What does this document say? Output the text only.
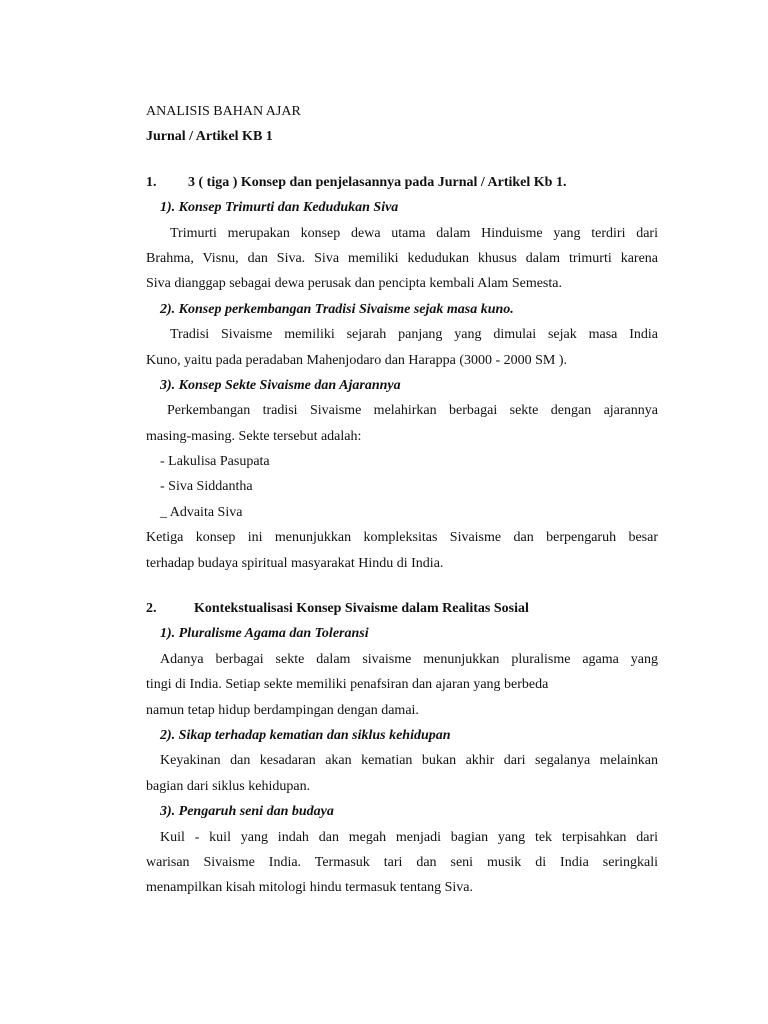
ANALISIS BAHAN AJAR
Jurnal / Artikel KB 1
1. 3 ( tiga ) Konsep dan penjelasannya pada Jurnal / Artikel Kb 1.
1). Konsep Trimurti dan Kedudukan Siva
Trimurti merupakan konsep dewa utama dalam Hinduisme yang terdiri dari
Brahma, Visnu, dan Siva. Siva memiliki kedudukan khusus dalam trimurti karena
Siva dianggap sebagai dewa perusak dan pencipta kembali Alam Semesta.
2). Konsep perkembangan Tradisi Sivaisme sejak masa kuno.
Tradisi Sivaisme memiliki sejarah panjang yang dimulai sejak masa India
Kuno, yaitu pada peradaban Mahenjodaro dan Harappa (3000 - 2000 SM ).
3). Konsep Sekte Sivaisme dan Ajarannya
Perkembangan tradisi Sivaisme melahirkan berbagai sekte dengan ajarannya
masing-masing. Sekte tersebut adalah:
- Lakulisa Pasupata
- Siva Siddantha
_ Advaita Siva
Ketiga konsep ini menunjukkan kompleksitas Sivaisme dan berpengaruh besar
terhadap budaya spiritual masyarakat Hindu di India.
2.	Kontekstualisasi Konsep Sivaisme dalam Realitas Sosial
1). Pluralisme Agama dan Toleransi
Adanya berbagai sekte dalam sivaisme menunjukkan pluralisme agama yang
tingi di India. Setiap sekte memiliki penafsiran dan ajaran yang berbeda
namun tetap hidup berdampingan dengan damai.
2). Sikap terhadap kematian dan siklus kehidupan
Keyakinan dan kesadaran akan kematian bukan akhir dari segalanya melainkan
bagian dari siklus kehidupan.
3). Pengaruh seni dan budaya
Kuil - kuil yang indah dan megah menjadi bagian yang tek terpisahkan dari
warisan Sivaisme India. Termasuk tari dan seni musik di India seringkali
menampilkan kisah mitologi hindu termasuk tentang Siva.
